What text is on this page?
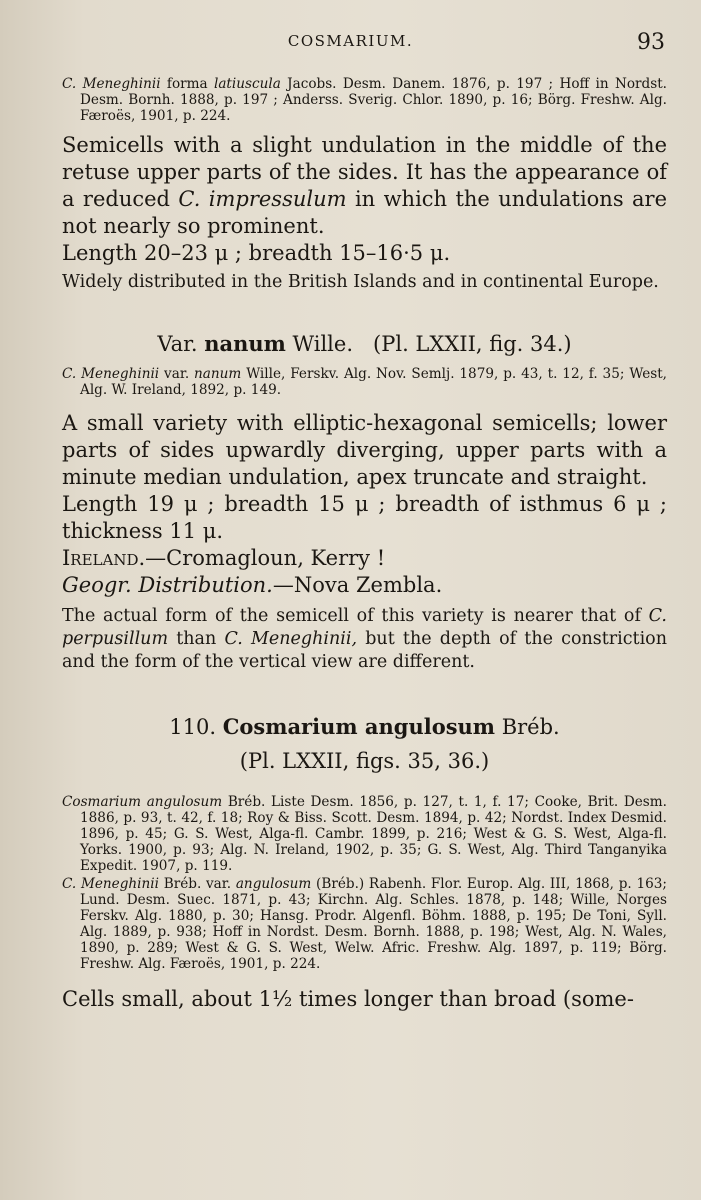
COSMARIUM.	93

C. Meneghinii forma latiuscula Jacobs. Desm. Danem. 1876, p. 197 ; Hoff in Nordst. Desm. Bornh. 1888, p. 197 ; Anderss. Sverig. Chlor. 1890, p. 16; Börg. Freshw. Alg. Færoës, 1901, p. 224.

Semicells with a slight undulation in the middle of the retuse upper parts of the sides. It has the appearance of a reduced C. impressulum in which the undulations are not nearly so prominent.

Length 20–23 μ ; breadth 15–16·5 μ.

Widely distributed in the British Islands and in continental Europe.

Var. nanum Wille. (Pl. LXXII, fig. 34.)

C. Meneghinii var. nanum Wille, Ferskv. Alg. Nov. Semlj. 1879, p. 43, t. 12, f. 35; West, Alg. W. Ireland, 1892, p. 149.

A small variety with elliptic-hexagonal semicells; lower parts of sides upwardly diverging, upper parts with a minute median undulation, apex truncate and straight.

Length 19 μ ; breadth 15 μ ; breadth of isthmus 6 μ ; thickness 11 μ.

Ireland.—Cromagloun, Kerry !

Geogr. Distribution.—Nova Zembla.

The actual form of the semicell of this variety is nearer that of C. perpusillum than C. Meneghinii, but the depth of the constriction and the form of the vertical view are different.

110. Cosmarium angulosum Bréb.

(Pl. LXXII, figs. 35, 36.)

Cosmarium angulosum Bréb. Liste Desm. 1856, p. 127, t. 1, f. 17; Cooke, Brit. Desm. 1886, p. 93, t. 42, f. 18; Roy & Biss. Scott. Desm. 1894, p. 42; Nordst. Index Desmid. 1896, p. 45; G. S. West, Alga-fl. Cambr. 1899, p. 216; West & G. S. West, Alga-fl. Yorks. 1900, p. 93; Alg. N. Ireland, 1902, p. 35; G. S. West, Alg. Third Tanganyika Expedit. 1907, p. 119.

C. Meneghinii Bréb. var. angulosum (Bréb.) Rabenh. Flor. Europ. Alg. III, 1868, p. 163; Lund. Desm. Suec. 1871, p. 43; Kirchn. Alg. Schles. 1878, p. 148; Wille, Norges Ferskv. Alg. 1880, p. 30; Hansg. Prodr. Algenfl. Böhm. 1888, p. 195; De Toni, Syll. Alg. 1889, p. 938; Hoff in Nordst. Desm. Bornh. 1888, p. 198; West, Alg. N. Wales, 1890, p. 289; West & G. S. West, Welw. Afric. Freshw. Alg. 1897, p. 119; Börg. Freshw. Alg. Færoës, 1901, p. 224.

Cells small, about 1½ times longer than broad (some-
